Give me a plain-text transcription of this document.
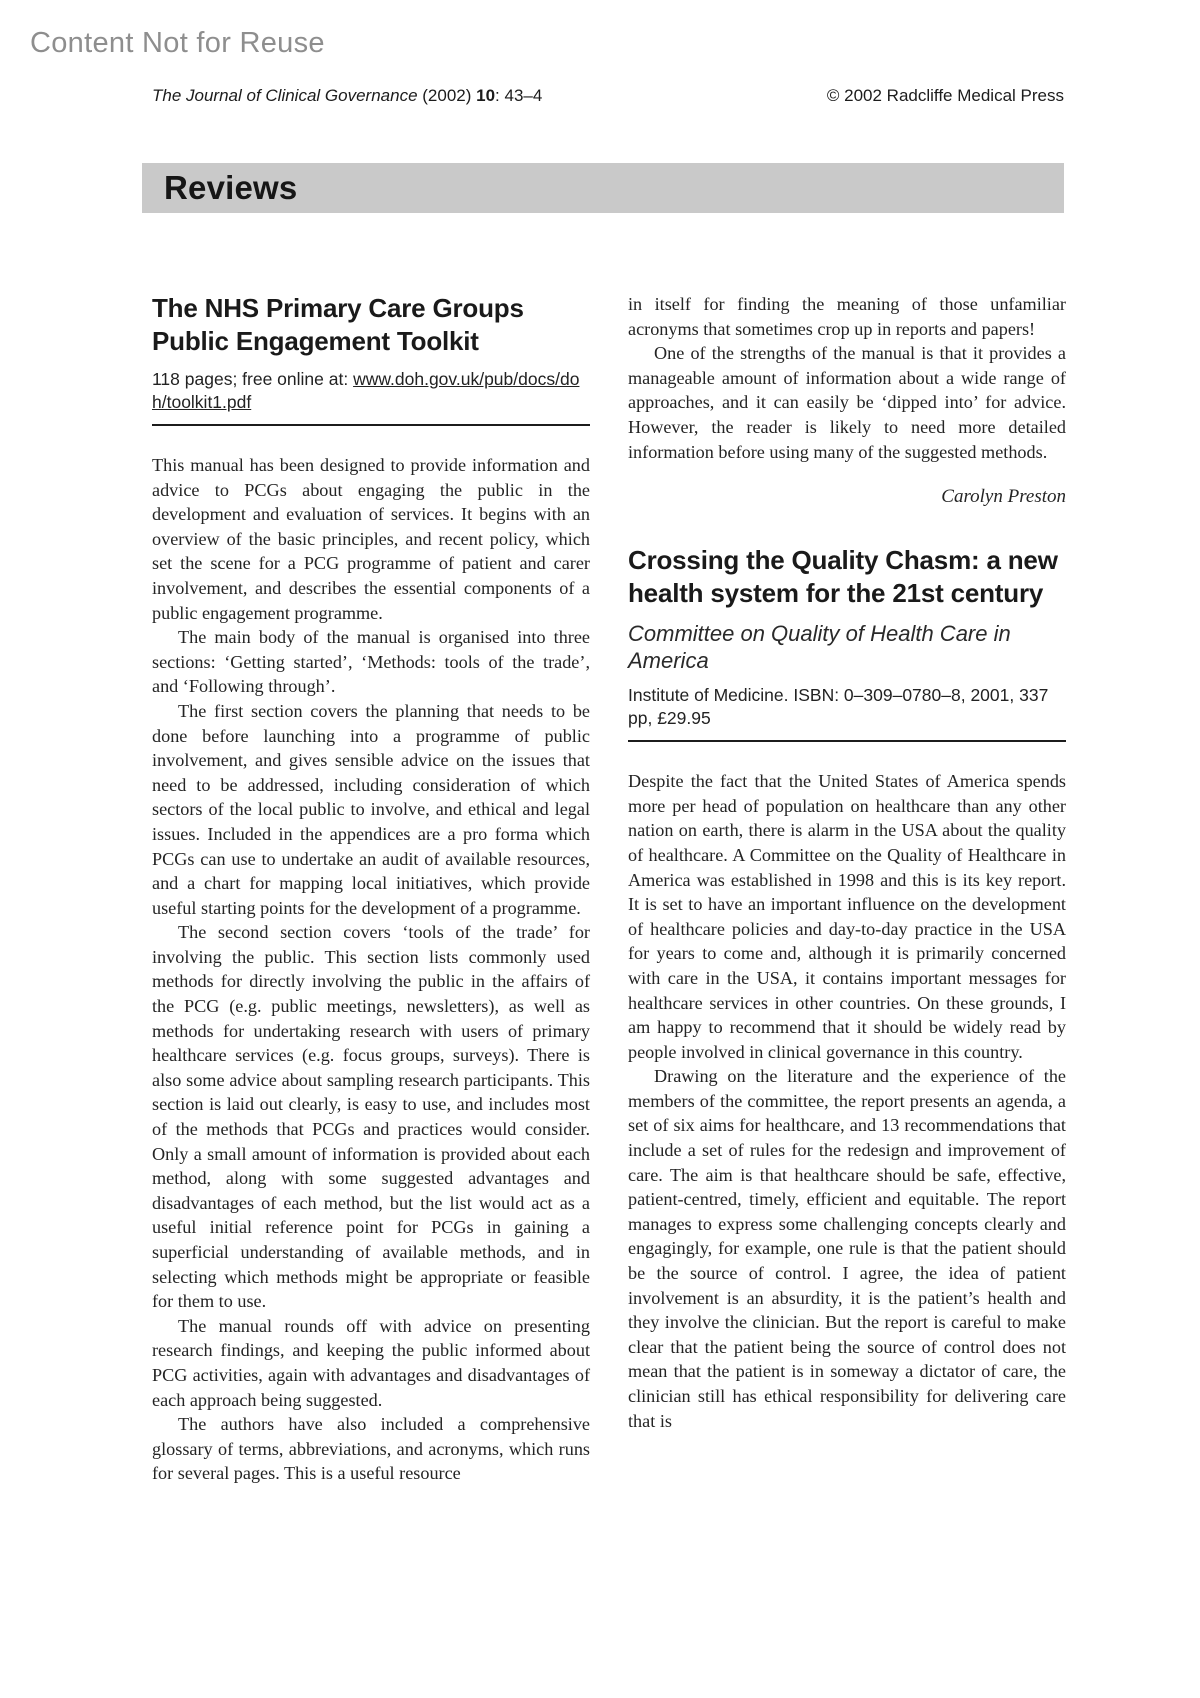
Content Not for Reuse
The Journal of Clinical Governance (2002) 10: 43–4	© 2002 Radcliffe Medical Press
Reviews
The NHS Primary Care Groups Public Engagement Toolkit

118 pages; free online at: www.doh.gov.uk/pub/docs/doh/toolkit1.pdf

This manual has been designed to provide information and advice to PCGs about engaging the public in the development and evaluation of services. It begins with an overview of the basic principles, and recent policy, which set the scene for a PCG programme of patient and carer involvement, and describes the essential components of a public engagement programme.

The main body of the manual is organised into three sections: ‘Getting started’, ‘Methods: tools of the trade’, and ‘Following through’.

The first section covers the planning that needs to be done before launching into a programme of public involvement, and gives sensible advice on the issues that need to be addressed, including consideration of which sectors of the local public to involve, and ethical and legal issues. Included in the appendices are a pro forma which PCGs can use to undertake an audit of available resources, and a chart for mapping local initiatives, which provide useful starting points for the development of a programme.

The second section covers ‘tools of the trade’ for involving the public. This section lists commonly used methods for directly involving the public in the affairs of the PCG (e.g. public meetings, newsletters), as well as methods for undertaking research with users of primary healthcare services (e.g. focus groups, surveys). There is also some advice about sampling research participants. This section is laid out clearly, is easy to use, and includes most of the methods that PCGs and practices would consider. Only a small amount of information is provided about each method, along with some suggested advantages and disadvantages of each method, but the list would act as a useful initial reference point for PCGs in gaining a superficial understanding of available methods, and in selecting which methods might be appropriate or feasible for them to use.

The manual rounds off with advice on presenting research findings, and keeping the public informed about PCG activities, again with advantages and disadvantages of each approach being suggested.

The authors have also included a comprehensive glossary of terms, abbreviations, and acronyms, which runs for several pages. This is a useful resource

in itself for finding the meaning of those unfamiliar acronyms that sometimes crop up in reports and papers!

One of the strengths of the manual is that it provides a manageable amount of information about a wide range of approaches, and it can easily be ‘dipped into’ for advice. However, the reader is likely to need more detailed information before using many of the suggested methods.

Carolyn Preston
Crossing the Quality Chasm: a new health system for the 21st century
Committee on Quality of Health Care in America

Institute of Medicine. ISBN: 0–309–0780–8, 2001, 337 pp, £29.95

Despite the fact that the United States of America spends more per head of population on healthcare than any other nation on earth, there is alarm in the USA about the quality of healthcare. A Committee on the Quality of Healthcare in America was established in 1998 and this is its key report. It is set to have an important influence on the development of healthcare policies and day-to-day practice in the USA for years to come and, although it is primarily concerned with care in the USA, it contains important messages for healthcare services in other countries. On these grounds, I am happy to recommend that it should be widely read by people involved in clinical governance in this country.

Drawing on the literature and the experience of the members of the committee, the report presents an agenda, a set of six aims for healthcare, and 13 recommendations that include a set of rules for the redesign and improvement of care. The aim is that healthcare should be safe, effective, patient-centred, timely, efficient and equitable. The report manages to express some challenging concepts clearly and engagingly, for example, one rule is that the patient should be the source of control. I agree, the idea of patient involvement is an absurdity, it is the patient’s health and they involve the clinician. But the report is careful to make clear that the patient being the source of control does not mean that the patient is in someway a dictator of care, the clinician still has ethical responsibility for delivering care that is
